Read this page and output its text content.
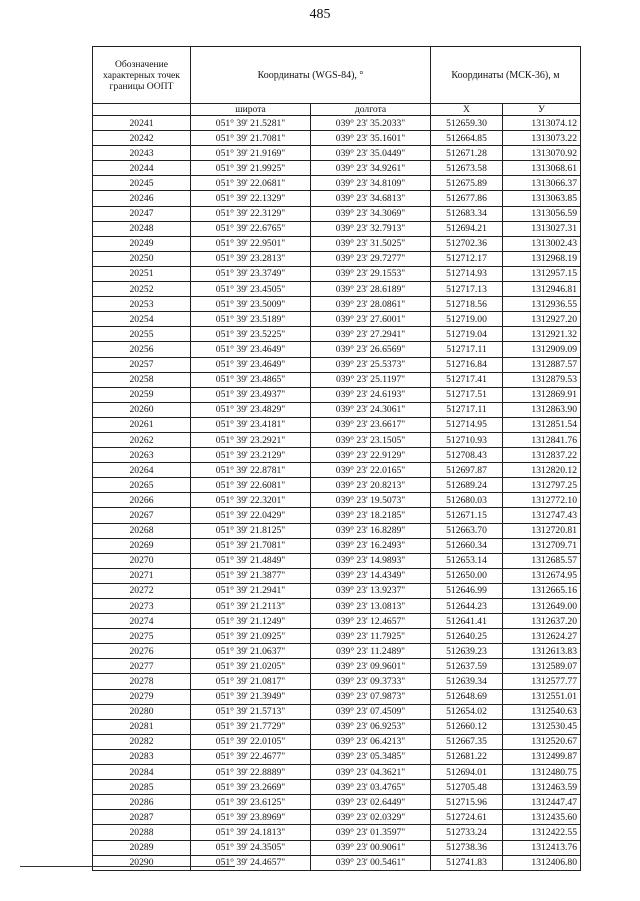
485
Обозначение характерных точек границы ООПТ	Координаты (WGS-84), °		Координаты (МСК-36), м	

	широта	долгота	X	У
20241	051° 39' 21.5281"	039° 23' 35.2033"	512659.30	1313074.12
20242	051° 39' 21.7081"	039° 23' 35.1601"	512664.85	1313073.22
20243	051° 39' 21.9169"	039° 23' 35.0449"	512671.28	1313070.92
20244	051° 39' 21.9925"	039° 23' 34.9261"	512673.58	1313068.61
20245	051° 39' 22.0681"	039° 23' 34.8109"	512675.89	1313066.37
20246	051° 39' 22.1329"	039° 23' 34.6813"	512677.86	1313063.85
20247	051° 39' 22.3129"	039° 23' 34.3069"	512683.34	1313056.59
20248	051° 39' 22.6765"	039° 23' 32.7913"	512694.21	1313027.31
20249	051° 39' 22.9501"	039° 23' 31.5025"	512702.36	1313002.43
20250	051° 39' 23.2813"	039° 23' 29.7277"	512712.17	1312968.19
20251	051° 39' 23.3749"	039° 23' 29.1553"	512714.93	1312957.15
20252	051° 39' 23.4505"	039° 23' 28.6189"	512717.13	1312946.81
20253	051° 39' 23.5009"	039° 23' 28.0861"	512718.56	1312936.55
20254	051° 39' 23.5189"	039° 23' 27.6001"	512719.00	1312927.20
20255	051° 39' 23.5225"	039° 23' 27.2941"	512719.04	1312921.32
20256	051° 39' 23.4649"	039° 23' 26.6569"	512717.11	1312909.09
20257	051° 39' 23.4649"	039° 23' 25.5373"	512716.84	1312887.57
20258	051° 39' 23.4865"	039° 23' 25.1197"	512717.41	1312879.53
20259	051° 39' 23.4937"	039° 23' 24.6193"	512717.51	1312869.91
20260	051° 39' 23.4829"	039° 23' 24.3061"	512717.11	1312863.90
20261	051° 39' 23.4181"	039° 23' 23.6617"	512714.95	1312851.54
20262	051° 39' 23.2921"	039° 23' 23.1505"	512710.93	1312841.76
20263	051° 39' 23.2129"	039° 23' 22.9129"	512708.43	1312837.22
20264	051° 39' 22.8781"	039° 23' 22.0165"	512697.87	1312820.12
20265	051° 39' 22.6081"	039° 23' 20.8213"	512689.24	1312797.25
20266	051° 39' 22.3201"	039° 23' 19.5073"	512680.03	1312772.10
20267	051° 39' 22.0429"	039° 23' 18.2185"	512671.15	1312747.43
20268	051° 39' 21.8125"	039° 23' 16.8289"	512663.70	1312720.81
20269	051° 39' 21.7081"	039° 23' 16.2493"	512660.34	1312709.71
20270	051° 39' 21.4849"	039° 23' 14.9893"	512653.14	1312685.57
20271	051° 39' 21.3877"	039° 23' 14.4349"	512650.00	1312674.95
20272	051° 39' 21.2941"	039° 23' 13.9237"	512646.99	1312665.16
20273	051° 39' 21.2113"	039° 23' 13.0813"	512644.23	1312649.00
20274	051° 39' 21.1249"	039° 23' 12.4657"	512641.41	1312637.20
20275	051° 39' 21.0925"	039° 23' 11.7925"	512640.25	1312624.27
20276	051° 39' 21.0637"	039° 23' 11.2489"	512639.23	1312613.83
20277	051° 39' 21.0205"	039° 23' 09.9601"	512637.59	1312589.07
20278	051° 39' 21.0817"	039° 23' 09.3733"	512639.34	1312577.77
20279	051° 39' 21.3949"	039° 23' 07.9873"	512648.69	1312551.01
20280	051° 39' 21.5713"	039° 23' 07.4509"	512654.02	1312540.63
20281	051° 39' 21.7729"	039° 23' 06.9253"	512660.12	1312530.45
20282	051° 39' 22.0105"	039° 23' 06.4213"	512667.35	1312520.67
20283	051° 39' 22.4677"	039° 23' 05.3485"	512681.22	1312499.87
20284	051° 39' 22.8889"	039° 23' 04.3621"	512694.01	1312480.75
20285	051° 39' 23.2669"	039° 23' 03.4765"	512705.48	1312463.59
20286	051° 39' 23.6125"	039° 23' 02.6449"	512715.96	1312447.47
20287	051° 39' 23.8969"	039° 23' 02.0329"	512724.61	1312435.60
20288	051° 39' 24.1813"	039° 23' 01.3597"	512733.24	1312422.55
20289	051° 39' 24.3505"	039° 23' 00.9061"	512738.36	1312413.76
20290	051° 39' 24.4657"	039° 23' 00.5461"	512741.83	1312406.80
